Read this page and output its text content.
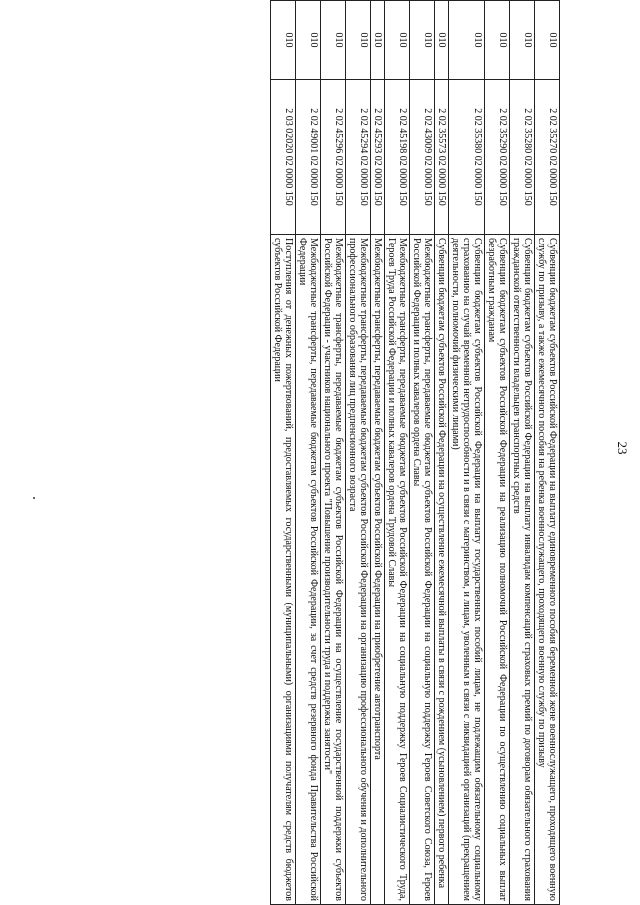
23
010	2 02 35270 02 0000 150	Субвенции бюджетам субъектов Российской Федерации на выплату единовременного пособия беременной жене военнослужащего, проходящего военную службу по призыву, а также ежемесячного пособия на ребенка военнослужащего, проходящего военную службу по призыву
010	2 02 35280 02 0000 150	Субвенции бюджетам субъектов Российской Федерации на выплату инвалидам компенсаций страховых премий по договорам обязательного страхования гражданской ответственности владельцев транспортных средств
010	2 02 35290 02 0000 150	Субвенции бюджетам субъектов Российской Федерации на реализацию полномочий Российской Федерации по осуществлению социальных выплат безработным гражданам
010	2 02 35380 02 0000 150	Субвенции бюджетам субъектов Российской Федерации на выплату государственных пособий лицам, не подлежащим обязательному социальному страхованию на случай временной нетрудоспособности и в связи с материнством, и лицам, уволенным в связи с ликвидацией организаций (прекращением деятельности, полномочий физическими лицами)
010	2 02 35573 02 0000 150	Субвенции бюджетам субъектов Российской Федерации на осуществление ежемесячной выплаты в связи с рождением (усыновлением) первого ребенка
010	2 02 43009 02 0000 150	Межбюджетные трансферты, передаваемые бюджетам субъектов Российской Федерации на социальную поддержку Героев Советского Союза, Героев Российской Федерации и полных кавалеров ордена Славы
010	2 02 45198 02 0000 150	Межбюджетные трансферты, передаваемые бюджетам субъектов Российской Федерации на социальную поддержку Героев Социалистического Труда, Героев Труда Российской Федерации и полных кавалеров ордена Трудовой Славы
010	2 02 45293 02 0000 150	Межбюджетные трансферты, передаваемые бюджетам субъектов Российской Федерации на приобретение автотранспорта
010	2 02 45294 02 0000 150	Межбюджетные трансферты, передаваемые бюджетам субъектов Российской Федерации на организацию профессионального обучения и дополнительного профессионального образования лиц предпенсионного возраста
010	2 02 45296 02 0000 150	Межбюджетные трансферты, передаваемые бюджетам субъектов Российской Федерации на осуществление государственной поддержки субъектов Российской Федерации - участников национального проекта "Повышение производительности труда и поддержка занятости"
010	2 02 49001 02 0000 150	Межбюджетные трансферты, передаваемые бюджетам субъектов Российской Федерации, за счет средств резервного фонда Правительства Российской Федерации
010	2 03 02020 02 0000 150	Поступления от денежных пожертвований, предоставляемых государственными (муниципальными) организациями получателям средств бюджетов субъектов Российской Федерации
